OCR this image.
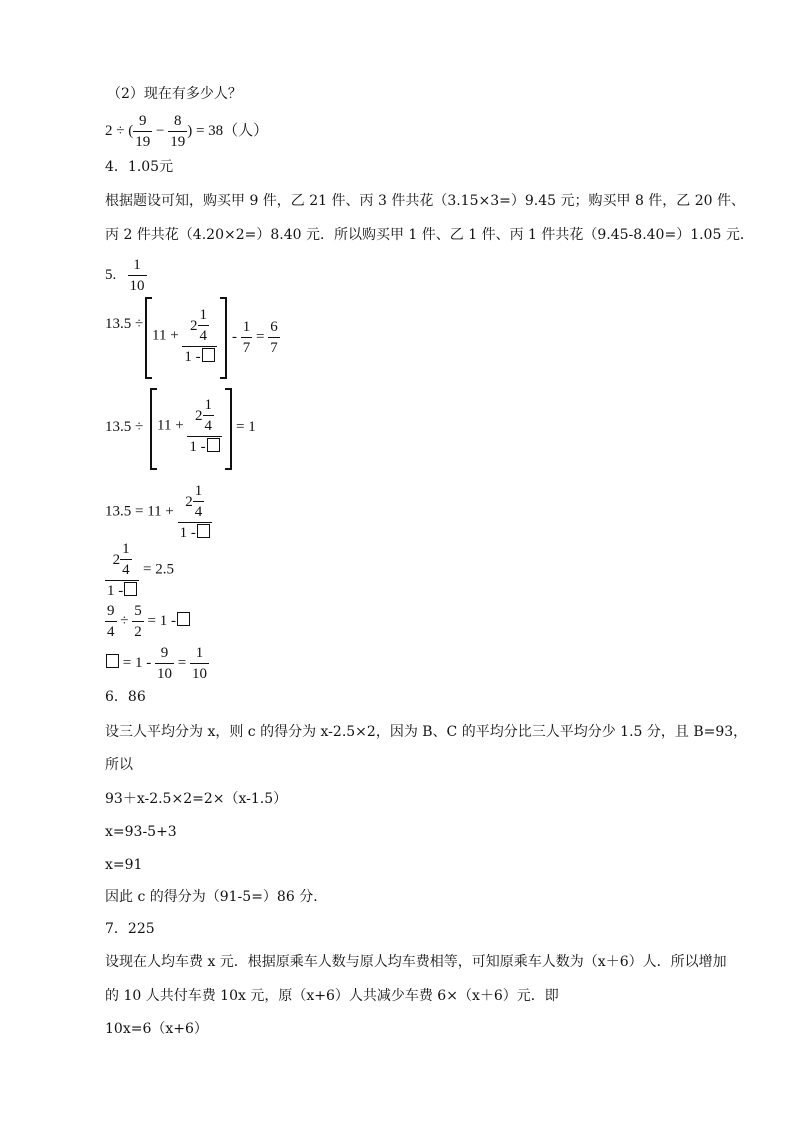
（2）现在有多少人？
2 ÷ ( $\frac{9}{19} - \frac{8}{19}$ ) = 38（人）
4．1.05元
根据题设可知，购买甲 9 件，乙 21 件、丙 3 件共花（3.15×3=）9.45 元；购买甲 8 件，乙 20 件、
丙 2 件共花（4.20×2=）8.40 元．所以购买甲 1 件、乙 1 件、丙 1 件共花（9.45-8.40=）1.05 元．
5. $\frac{1}{10}$
13.5 ÷
$11 + \frac{2 \frac{1}{4}}{1 -} - \frac{1}{7} = \frac{6}{7}$
$13.5 \div 11 + \frac{2 \frac{1}{4}}{1 -} = 1$
$13.5 = 11 + \frac{2 \frac{1}{4}}{1 -}$
$\frac{2 \frac{1}{4}}{1 -} = 2.5$
$\frac{9}{4} \div \frac{5}{2} = 1$ -
= $1 - \frac{9}{10} = \frac{1}{10}$
6．86
设三人平均分为 x，则 c 的得分为 x-2.5×2，因为 B、C 的平均分比三人平均分少 1.5 分，且 B=93，
所以
93＋x-2.5×2=2×（x-1.5）
x=93-5+3
x=91
因此 c 的得分为（91-5=）86 分．
7．225
设现在人均车费 x 元．根据原乘车人数与原人均车费相等，可知原乘车人数为（x＋6）人．所以增加
的 10 人共付车费 10x 元，原（x+6）人共减少车费 6×（x＋6）元．即
10x=6（x+6）
